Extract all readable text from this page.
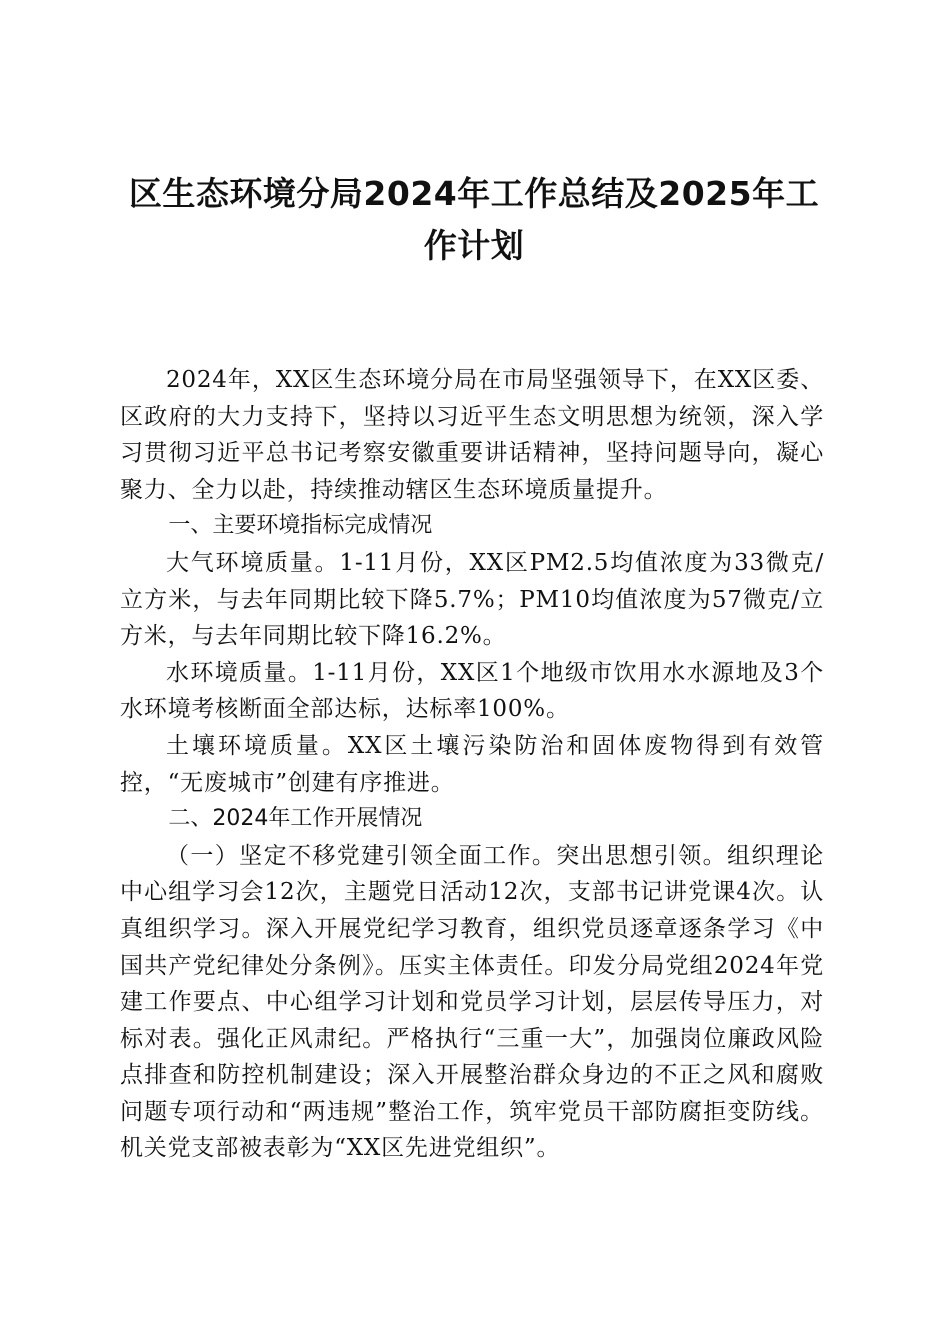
区生态环境分局2024年工作总结及2025年工
作计划

2024年，XX区生态环境分局在市局坚强领导下，在XX区委、区政府的大力支持下，坚持以习近平生态文明思想为统领，深入学习贯彻习近平总书记考察安徽重要讲话精神，坚持问题导向，凝心聚力、全力以赴，持续推动辖区生态环境质量提升。

一、主要环境指标完成情况

大气环境质量。1-11月份，XX区PM2.5均值浓度为33微克/立方米，与去年同期比较下降5.7%；PM10均值浓度为57微克/立方米，与去年同期比较下降16.2%。

水环境质量。1-11月份，XX区1个地级市饮用水水源地及3个水环境考核断面全部达标，达标率100%。

土壤环境质量。XX区土壤污染防治和固体废物得到有效管控，“无废城市”创建有序推进。

二、2024年工作开展情况

（一）坚定不移党建引领全面工作。突出思想引领。组织理论中心组学习会12次，主题党日活动12次，支部书记讲党课4次。认真组织学习。深入开展党纪学习教育，组织党员逐章逐条学习《中国共产党纪律处分条例》。压实主体责任。印发分局党组2024年党建工作要点、中心组学习计划和党员学习计划，层层传导压力，对标对表。强化正风肃纪。严格执行“三重一大”，加强岗位廉政风险点排查和防控机制建设；深入开展整治群众身边的不正之风和腐败问题专项行动和“两违规”整治工作，筑牢党员干部防腐拒变防线。机关党支部被表彰为“XX区先进党组织”。
